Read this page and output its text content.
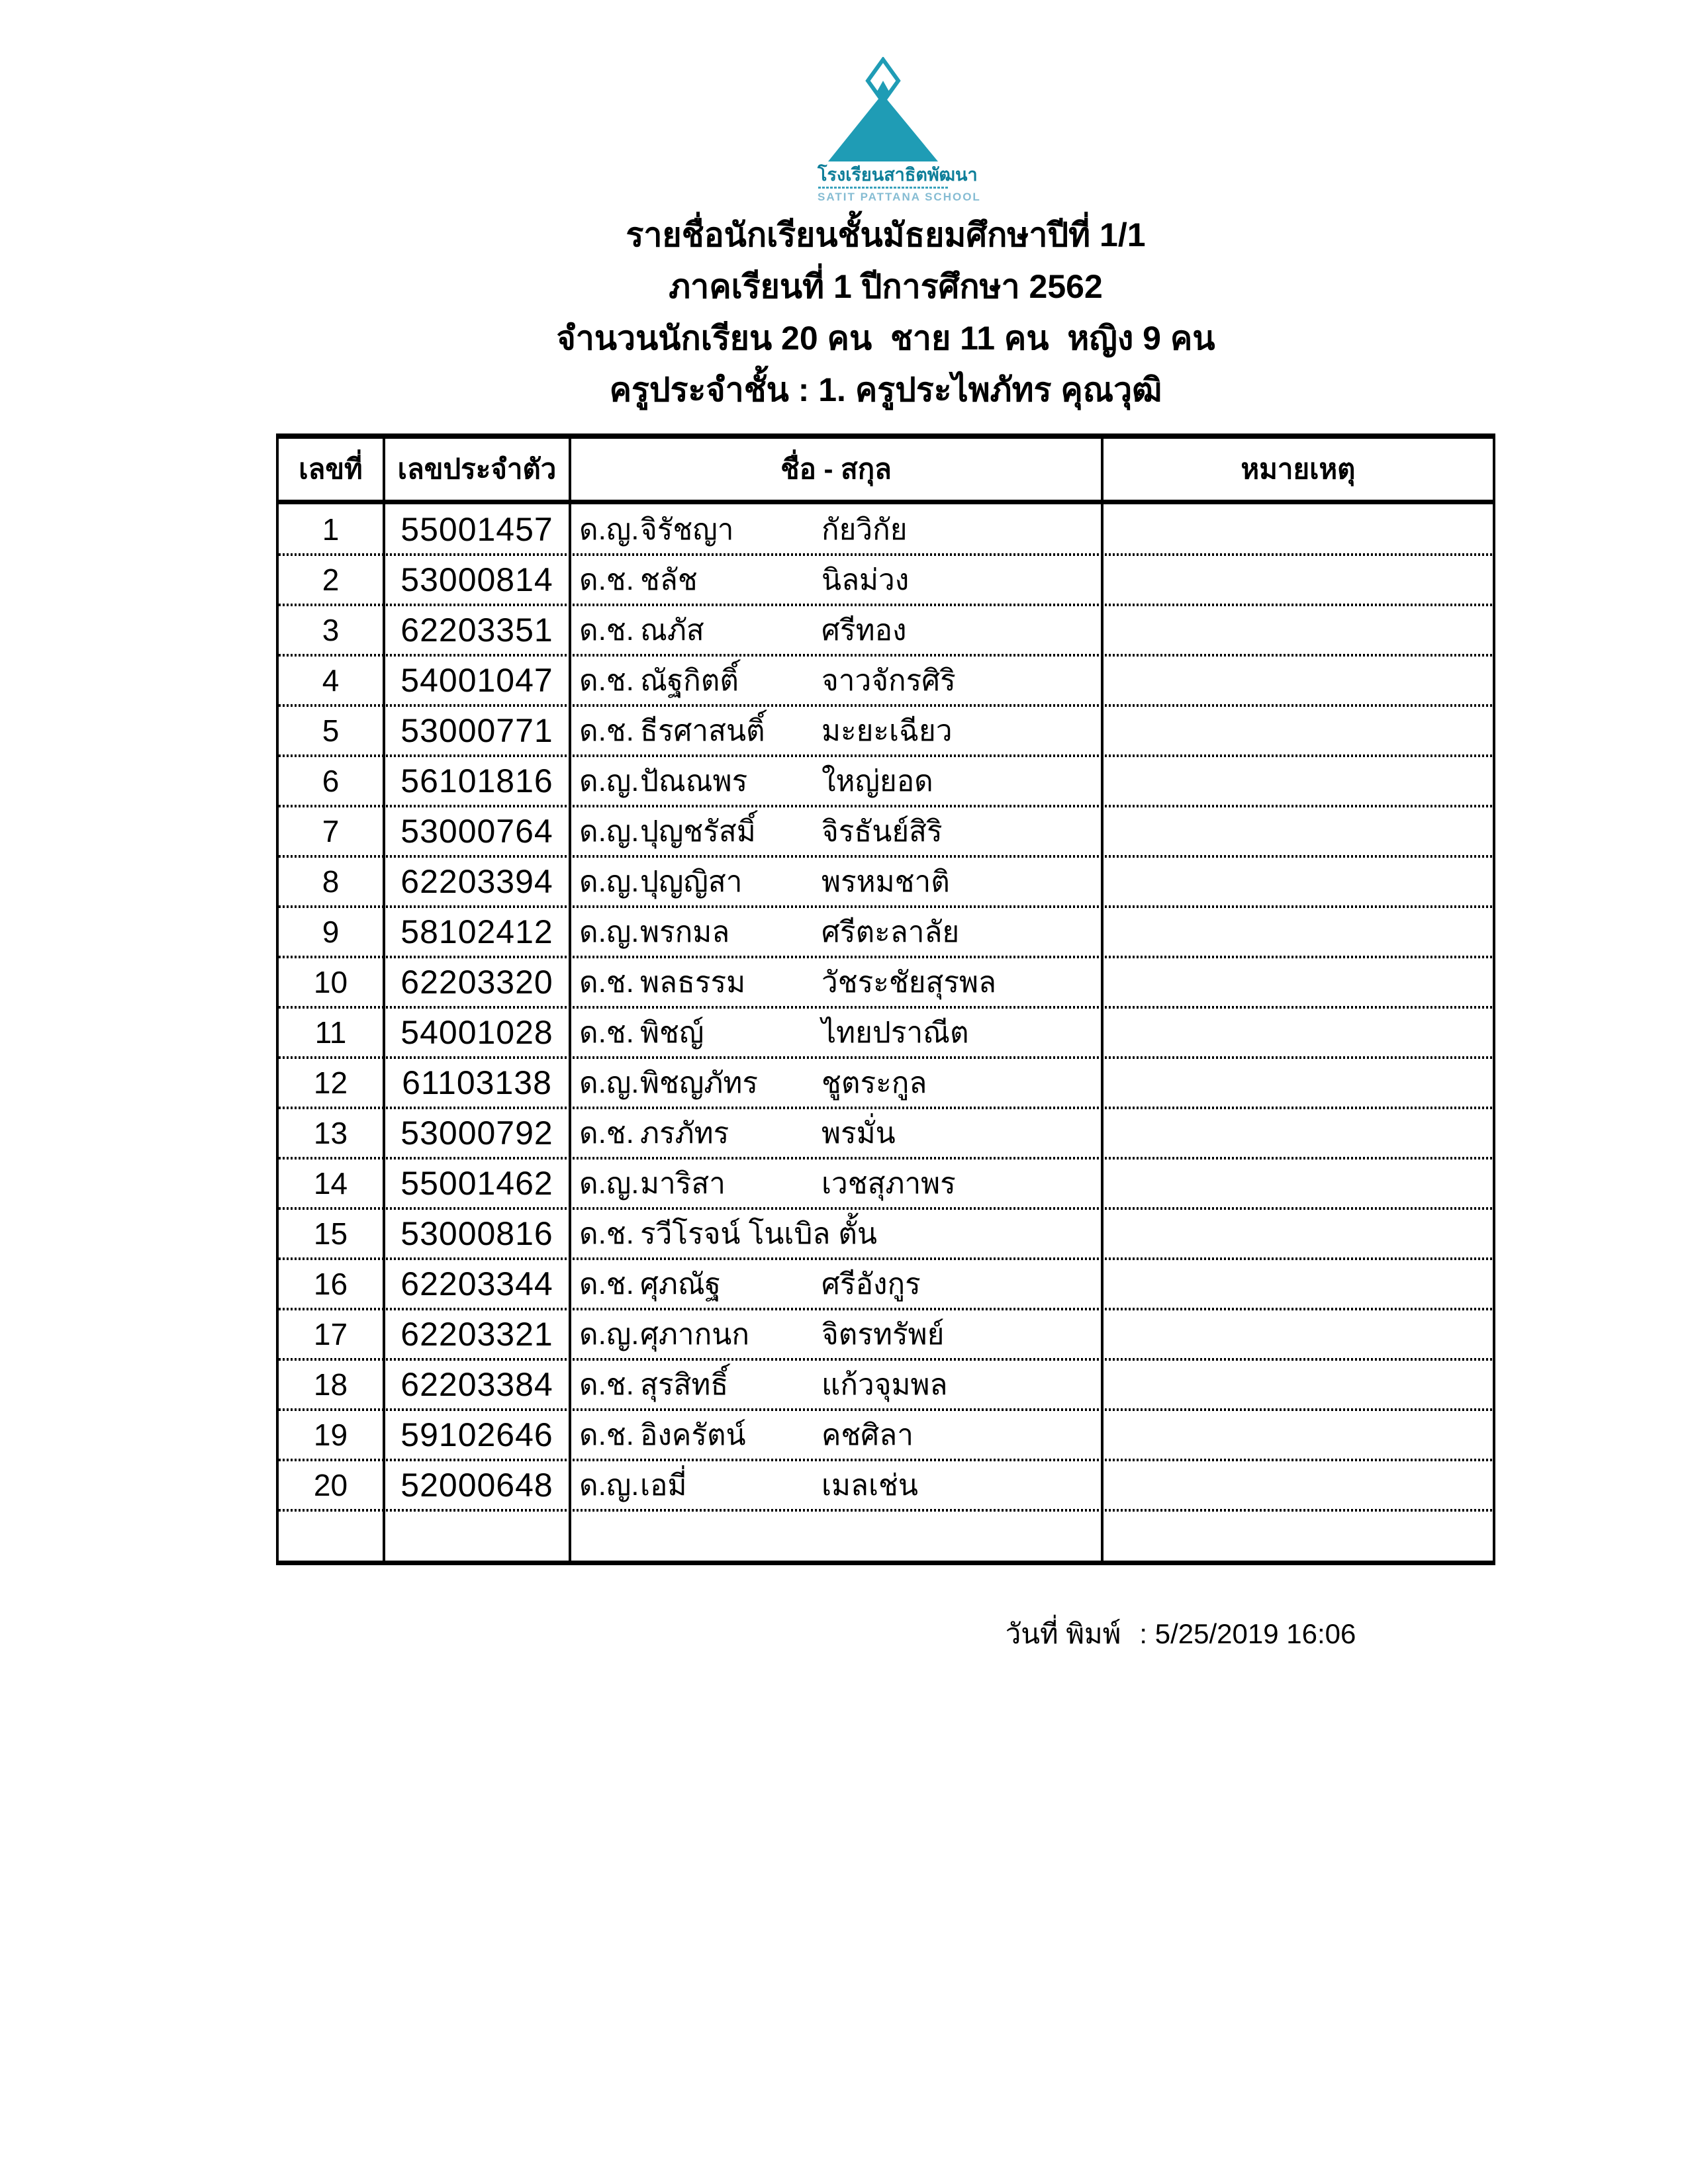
โรงเรียนสาธิตพัฒนา
SATIT PATTANA SCHOOL
รายชื่อนักเรียนชั้นมัธยมศึกษาปีที่ 1/1
ภาคเรียนที่ 1 ปีการศึกษา 2562
จำนวนนักเรียน 20 คน  ชาย 11 คน  หญิง 9 คน
ครูประจำชั้น : 1. ครูประไพภัทร คุณวุฒิ
เลขที่	เลขประจำตัว	ชื่อ - สกุล	หมายเหตุ
1	55001457 ด.ญ. จิรัชญา	กัยวิกัย
2	53000814 ด.ช. ชลัช	นิลม่วง
3	62203351 ด.ช. ณภัส	ศรีทอง
4	54001047 ด.ช. ณัฐกิตติ์	จาวจักรศิริ
5	53000771 ด.ช. ธีรศาสนติ์	มะยะเฉียว
6	56101816 ด.ญ. ปัณณพร	ใหญ่ยอด
7	53000764 ด.ญ. ปุญชรัสมิ์	จิรธันย์สิริ
8	62203394 ด.ญ. ปุญญิสา	พรหมชาติ
9	58102412 ด.ญ. พรกมล	ศรีตะลาลัย
10	62203320 ด.ช. พลธรรม	วัชระชัยสุรพล
11	54001028 ด.ช. พิชญ์	ไทยปราณีต
12	61103138 ด.ญ. พิชญภัทร	ชูตระกูล
13	53000792 ด.ช. ภรภัทร	พรมั่น
14	55001462 ด.ญ. มาริสา	เวชสุภาพร
15	53000816 ด.ช. รวีโรจน์ โนเบิล ตั้น
16	62203344 ด.ช. ศุภณัฐ	ศรีอังกูร
17	62203321 ด.ญ. ศุภากนก	จิตรทรัพย์
18	62203384 ด.ช. สุรสิทธิ์	แก้วจุมพล
19	59102646 ด.ช. อิงครัตน์	คชศิลา
20	52000648 ด.ญ. เอมี่	เมลเช่น

วันที่ พิมพ์ : 5/25/2019 16:06
